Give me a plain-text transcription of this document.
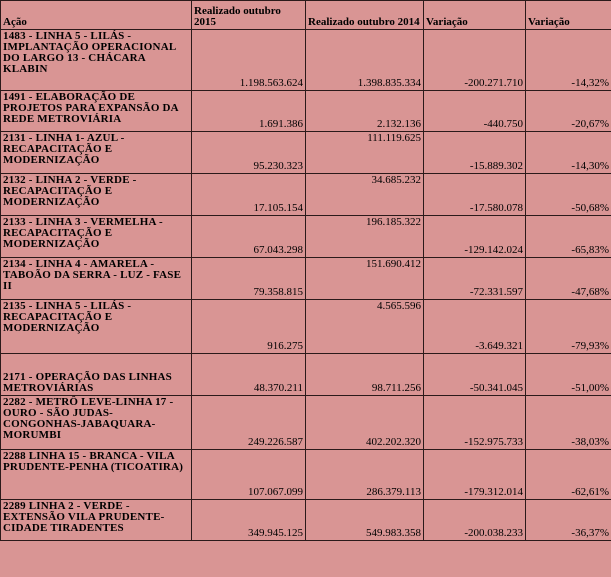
Ação	Realizado outubro 2015	Realizado outubro 2014	Variação	Variação
1483 - LINHA 5 - LILÁS - IMPLANTAÇÃO OPERACIONAL DO LARGO 13 - CHÁCARA KLABIN	1.198.563.624	1.398.835.334	-200.271.710	-14,32%
1491 - ELABORAÇÃO DE PROJETOS PARA EXPANSÃO DA REDE METROVIÁRIA	1.691.386	2.132.136	-440.750	-20,67%
2131 - LINHA 1- AZUL - RECAPACITAÇÃO E MODERNIZAÇÃO	95.230.323	111.119.625	-15.889.302	-14,30%
2132 - LINHA 2 - VERDE - RECAPACITAÇÃO E MODERNIZAÇÃO	17.105.154	34.685.232	-17.580.078	-50,68%
2133 - LINHA 3 - VERMELHA - RECAPACITAÇÃO E MODERNIZAÇÃO	67.043.298	196.185.322	-129.142.024	-65,83%
2134 - LINHA 4 - AMARELA - TABOÃO DA SERRA - LUZ - FASE II	79.358.815	151.690.412	-72.331.597	-47,68%
2135 - LINHA 5 - LILÁS - RECAPACITAÇÃO E MODERNIZAÇÃO	916.275	4.565.596	-3.649.321	-79,93%
2171 - OPERAÇÃO DAS LINHAS METROVIÁRIAS	48.370.211	98.711.256	-50.341.045	-51,00%
2282 - METRÔ LEVE-LINHA 17 - OURO - SÃO JUDAS-CONGONHAS-JABAQUARA-MORUMBI	249.226.587	402.202.320	-152.975.733	-38,03%
2288 LINHA 15 - BRANCA - VILA PRUDENTE-PENHA (TICOATIRA)	107.067.099	286.379.113	-179.312.014	-62,61%
2289 LINHA 2 - VERDE - EXTENSÃO VILA PRUDENTE-CIDADE TIRADENTES	349.945.125	549.983.358	-200.038.233	-36,37%
